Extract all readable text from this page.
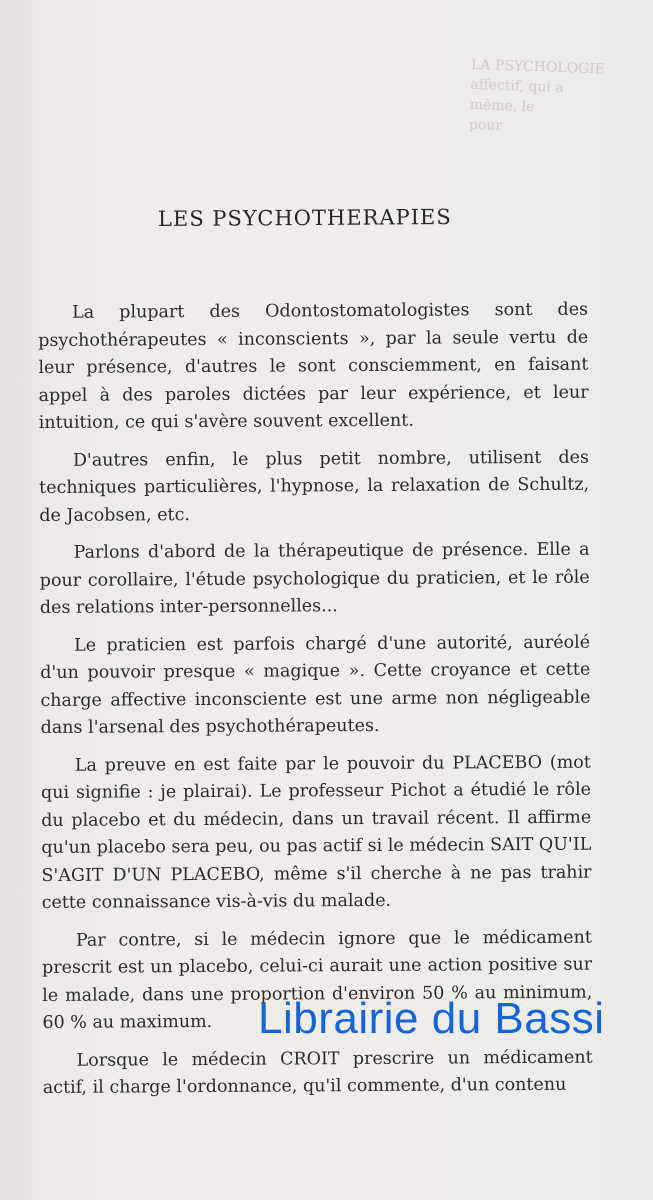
LA PSYCHOLOGIE
affectif, qui a
même, le
pour
LES PSYCHOTHERAPIES

La plupart des Odontostomatologistes sont des psychothérapeutes « inconscients », par la seule vertu de leur présence, d'autres le sont consciemment, en faisant appel à des paroles dictées par leur expérience, et leur intuition, ce qui s'avère souvent excellent.

D'autres enfin, le plus petit nombre, utilisent des techniques particulières, l'hypnose, la relaxation de Schultz, de Jacobsen, etc.

Parlons d'abord de la thérapeutique de présence. Elle a pour corollaire, l'étude psychologique du praticien, et le rôle des relations inter-personnelles...

Le praticien est parfois chargé d'une autorité, auréolé d'un pouvoir presque « magique ». Cette croyance et cette charge affective inconsciente est une arme non négligeable dans l'arsenal des psychothérapeutes.

La preuve en est faite par le pouvoir du PLACEBO (mot qui signifie : je plairai). Le professeur Pichot a étudié le rôle du placebo et du médecin, dans un travail récent. Il affirme qu'un placebo sera peu, ou pas actif si le médecin SAIT QU'IL S'AGIT D'UN PLACEBO, même s'il cherche à ne pas trahir cette connaissance vis-à-vis du malade.

Par contre, si le médecin ignore que le médicament prescrit est un placebo, celui-ci aurait une action positive sur le malade, dans une proportion d'environ 50 % au minimum, 60 % au maximum.

Lorsque le médecin CROIT prescrire un médicament actif, il charge l'ordonnance, qu'il commente, d'un contenu

Librairie du Bassi
